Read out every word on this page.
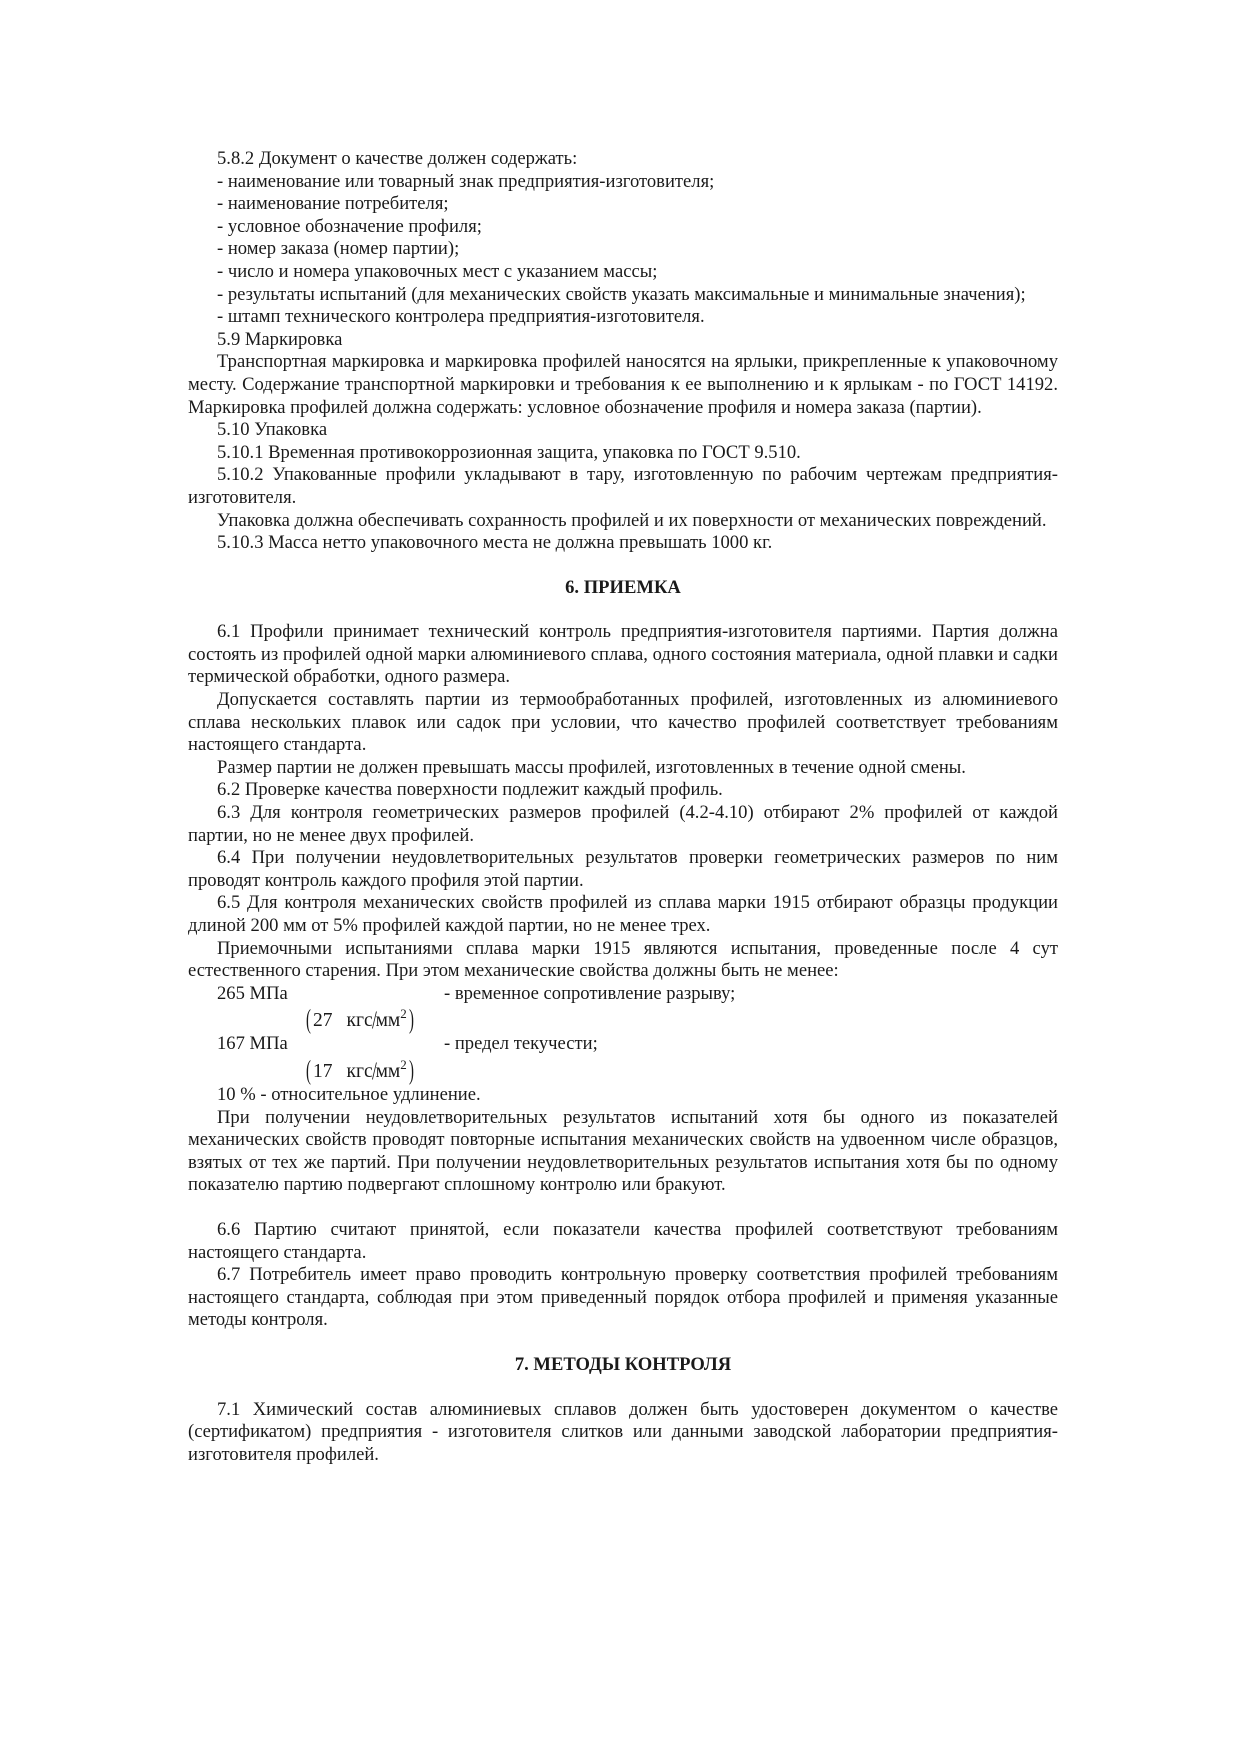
5.8.2 Документ о качестве должен содержать:

- наименование или товарный знак предприятия-изготовителя;

- наименование потребителя;

- условное обозначение профиля;

- номер заказа (номер партии);

- число и номера упаковочных мест с указанием массы;

- результаты испытаний (для механических свойств указать максимальные и минимальные значения);

- штамп технического контролера предприятия-изготовителя.

5.9 Маркировка

Транспортная маркировка и маркировка профилей наносятся на ярлыки, прикрепленные к упаковочному месту. Содержание транспортной маркировки и требования к ее выполнению и к ярлыкам - по ГОСТ 14192. Маркировка профилей должна содержать: условное обозначение профиля и номера заказа (партии).

5.10 Упаковка

5.10.1 Временная противокоррозионная защита, упаковка по ГОСТ 9.510.

5.10.2 Упакованные профили укладывают в тару, изготовленную по рабочим чертежам предприятия-изготовителя.

Упаковка должна обеспечивать сохранность профилей и их поверхности от механических повреждений.

5.10.3 Масса нетто упаковочного места не должна превышать 1000 кг.

6. ПРИЕМКА

6.1 Профили принимает технический контроль предприятия-изготовителя партиями. Партия должна состоять из профилей одной марки алюминиевого сплава, одного состояния материала, одной плавки и садки термической обработки, одного размера.

Допускается составлять партии из термообработанных профилей, изготовленных из алюминиевого сплава нескольких плавок или садок при условии, что качество профилей соответствует требованиям настоящего стандарта.

Размер партии не должен превышать массы профилей, изготовленных в течение одной смены.

6.2 Проверке качества поверхности подлежит каждый профиль.

6.3 Для контроля геометрических размеров профилей (4.2-4.10) отбирают 2% профилей от каждой партии, но не менее двух профилей.

6.4 При получении неудовлетворительных результатов проверки геометрических размеров по ним проводят контроль каждого профиля этой партии.

6.5 Для контроля механических свойств профилей из сплава марки 1915 отбирают образцы продукции длиной 200 мм от 5% профилей каждой партии, но не менее трех.

Приемочными испытаниями сплава марки 1915 являются испытания, проведенные после 4 сут естественного старения. При этом механические свойства должны быть не менее:

265 МПа	- временное сопротивление разрыву;
( 27 кгс/$мм^2$)
167 МПа	- предел текучести;
( 17 кгс/$мм^2$)

10 % - относительное удлинение.

При получении неудовлетворительных результатов испытаний хотя бы одного из показателей механических свойств проводят повторные испытания механических свойств на удвоенном числе образцов, взятых от тех же партий. При получении неудовлетворительных результатов испытания хотя бы по одному показателю партию подвергают сплошному контролю или бракуют.

6.6 Партию считают принятой, если показатели качества профилей соответствуют требованиям настоящего стандарта.

6.7 Потребитель имеет право проводить контрольную проверку соответствия профилей требованиям настоящего стандарта, соблюдая при этом приведенный порядок отбора профилей и применяя указанные методы контроля.

7. МЕТОДЫ КОНТРОЛЯ

7.1 Химический состав алюминиевых сплавов должен быть удостоверен документом о качестве (сертификатом) предприятия - изготовителя слитков или данными заводской лаборатории предприятия-изготовителя профилей.
